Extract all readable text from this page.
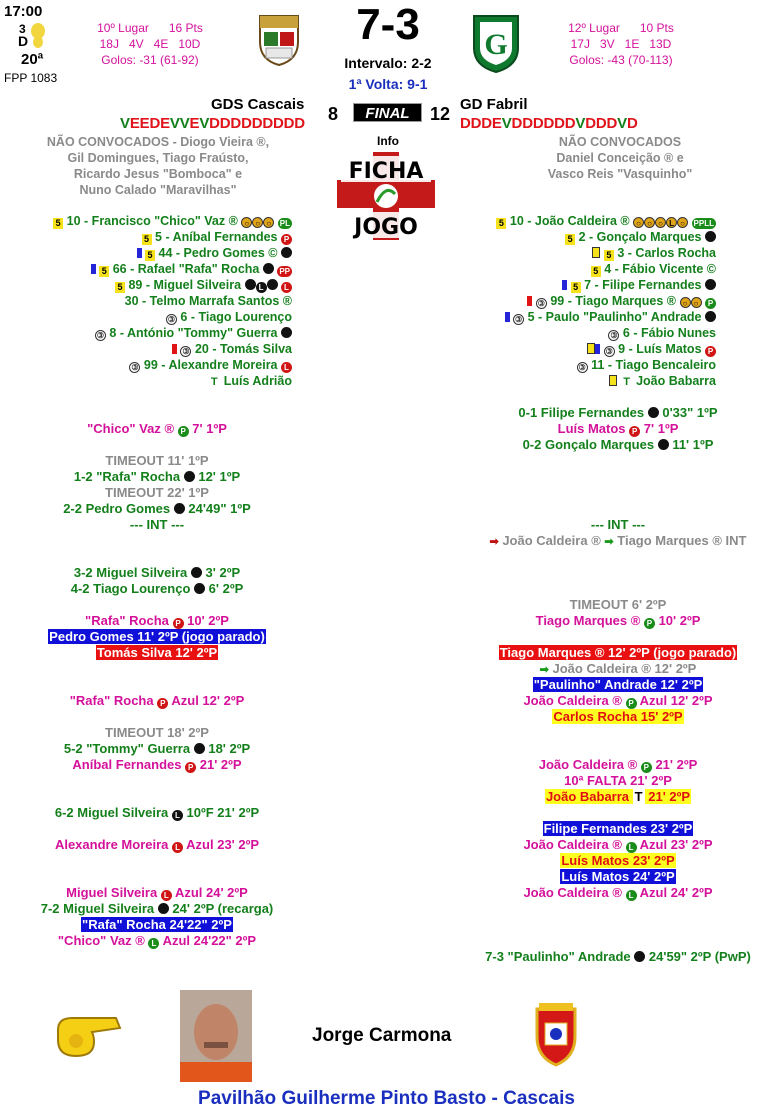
17:00
3
D
20ª
FPP 1083
10º Lugar      16 Pts
18J   4V   4E   10D
Golos: -31 (61-92)
12º Lugar      10 Pts
17J   3V   1E   13D
Golos: -43 (70-113)
G
7-3
Intervalo: 2-2
1ª Volta: 9-1
GDS Cascais 8	FINAL	12 GD Fabril
VEEDEVVEVDDDDDDDDD	DDDEVDDDDDDVDDDVD
Info
FICHA
JOGO
NÃO CONVOCADOS - Diogo Vieira ®,
Gil Domingues, Tiago Fraústo,
Ricardo Jesus "Bomboca" e
Nuno Calado "Maravilhas"
NÃO CONVOCADOS
Daniel Conceição ® e
Vasco Reis "Vasquinho"
5 10 - Francisco "Chico" Vaz ® ○ ○ ○ PL
5 5 - Aníbal Fernandes P
5 44 - Pedro Gomes ©
5 66 - Rafael "Rafa" Rocha PP
5 89 - Miguel Silveira L	L
30 - Telmo Marrafa Santos ®
③ 6 - Tiago Lourenço
③ 8 - António "Tommy" Guerra
③ 20 - Tomás Silva
③ 99 - Alexandre Moreira L
T Luís Adrião
5 10 - João Caldeira ® ○ ○ ○ L ○ PPLL
5 2 - Gonçalo Marques
5 3 - Carlos Rocha
5 4 - Fábio Vicente ©
5 7 - Filipe Fernandes
③ 99 - Tiago Marques ® ○ ○ P
③ 5 - Paulo "Paulinho" Andrade
③ 6 - Fábio Nunes
③ 9 - Luís Matos P
③ 11 - Tiago Bencaleiro
T João Babarra
"Chico" Vaz ® P 7' 1ºP
TIMEOUT 11' 1ºP
1-2 "Rafa" Rocha 12' 1ºP
TIMEOUT 22' 1ºP
2-2 Pedro Gomes 24'49" 1ºP
--- INT ---
3-2 Miguel Silveira 3' 2ºP
4-2 Tiago Lourenço 6' 2ºP
"Rafa" Rocha P 10' 2ºP
Pedro Gomes 11' 2ºP (jogo parado)
Tomás Silva 12' 2ºP
"Rafa" Rocha P Azul 12' 2ºP
TIMEOUT 18' 2ºP
5-2 "Tommy" Guerra 18' 2ºP
Aníbal Fernandes P 21' 2ºP
6-2 Miguel Silveira L 10ºF 21' 2ºP
Alexandre Moreira L Azul 23' 2ºP
Miguel Silveira L Azul 24' 2ºP
7-2 Miguel Silveira 24' 2ºP (recarga)
"Rafa" Rocha 24'22" 2ºP
"Chico" Vaz ® L Azul 24'22" 2ºP
0-1 Filipe Fernandes 0'33" 1ºP
Luís Matos P 7' 1ºP
0-2 Gonçalo Marques 11' 1ºP
--- INT ---
➡ João Caldeira ® ➡ Tiago Marques ® INT
TIMEOUT 6' 2ºP
Tiago Marques ® P 10' 2ºP
Tiago Marques ® 12' 2ºP (jogo parado)
➡ João Caldeira ® 12' 2ºP
"Paulinho" Andrade 12' 2ºP
João Caldeira ® P Azul 12' 2ºP
Carlos Rocha 15' 2ºP
João Caldeira ® P 21' 2ºP
10ª FALTA 21' 2ºP
João Babarra T 21' 2ºP
Filipe Fernandes 23' 2ºP
João Caldeira ® L Azul 23' 2ºP
Luís Matos 23' 2ºP
Luís Matos 24' 2ºP
João Caldeira ® L Azul 24' 2ºP
7-3 "Paulinho" Andrade 24'59" 2ºP (PwP)
Jorge Carmona
Pavilhão Guilherme Pinto Basto - Cascais
